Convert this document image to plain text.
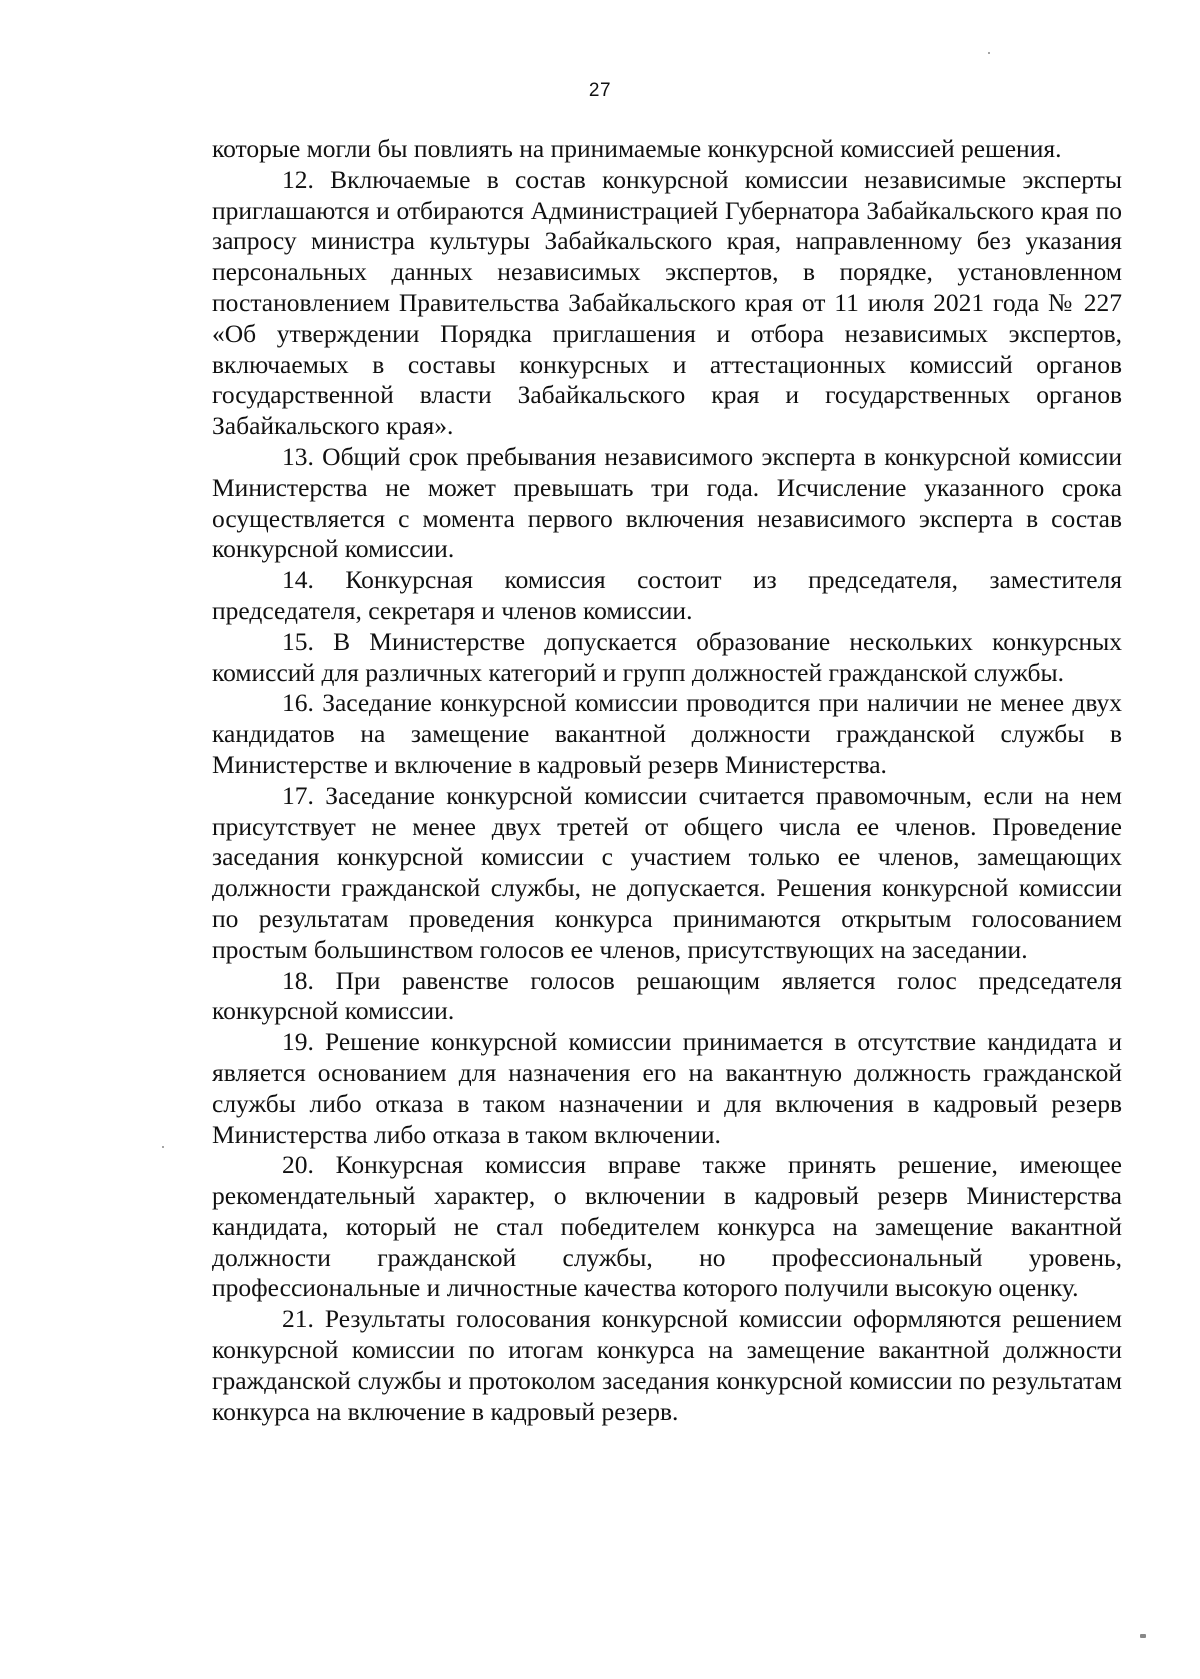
27

которые могли бы повлиять на принимаемые конкурсной комиссией решения.

12. Включаемые в состав конкурсной комиссии независимые эксперты приглашаются и отбираются Администрацией Губернатора Забайкальского края по запросу министра культуры Забайкальского края, направленному без указания персональных данных независимых экспертов, в порядке, установленном постановлением Правительства Забайкальского края от 11 июля 2021 года № 227 «Об утверждении Порядка приглашения и отбора независимых экспертов, включаемых в составы конкурсных и аттестационных комиссий органов государственной власти Забайкальского края и государственных органов Забайкальского края».

13. Общий срок пребывания независимого эксперта в конкурсной комиссии Министерства не может превышать три года. Исчисление указанного срока осуществляется с момента первого включения независимого эксперта в состав конкурсной комиссии.

14. Конкурсная комиссия состоит из председателя, заместителя председателя, секретаря и членов комиссии.

15. В Министерстве допускается образование нескольких конкурсных комиссий для различных категорий и групп должностей гражданской службы.

16. Заседание конкурсной комиссии проводится при наличии не менее двух кандидатов на замещение вакантной должности гражданской службы в Министерстве и включение в кадровый резерв Министерства.

17. Заседание конкурсной комиссии считается правомочным, если на нем присутствует не менее двух третей от общего числа ее членов. Проведение заседания конкурсной комиссии с участием только ее членов, замещающих должности гражданской службы, не допускается. Решения конкурсной комиссии по результатам проведения конкурса принимаются открытым голосованием простым большинством голосов ее членов, присутствующих на заседании.

18. При равенстве голосов решающим является голос председателя конкурсной комиссии.

19. Решение конкурсной комиссии принимается в отсутствие кандидата и является основанием для назначения его на вакантную должность гражданской службы либо отказа в таком назначении и для включения в кадровый резерв Министерства либо отказа в таком включении.

20. Конкурсная комиссия вправе также принять решение, имеющее рекомендательный характер, о включении в кадровый резерв Министерства кандидата, который не стал победителем конкурса на замещение вакантной должности гражданской службы, но профессиональный уровень, профессиональные и личностные качества которого получили высокую оценку.

21. Результаты голосования конкурсной комиссии оформляются решением конкурсной комиссии по итогам конкурса на замещение вакантной должности гражданской службы и протоколом заседания конкурсной комиссии по результатам конкурса на включение в кадровый резерв.
